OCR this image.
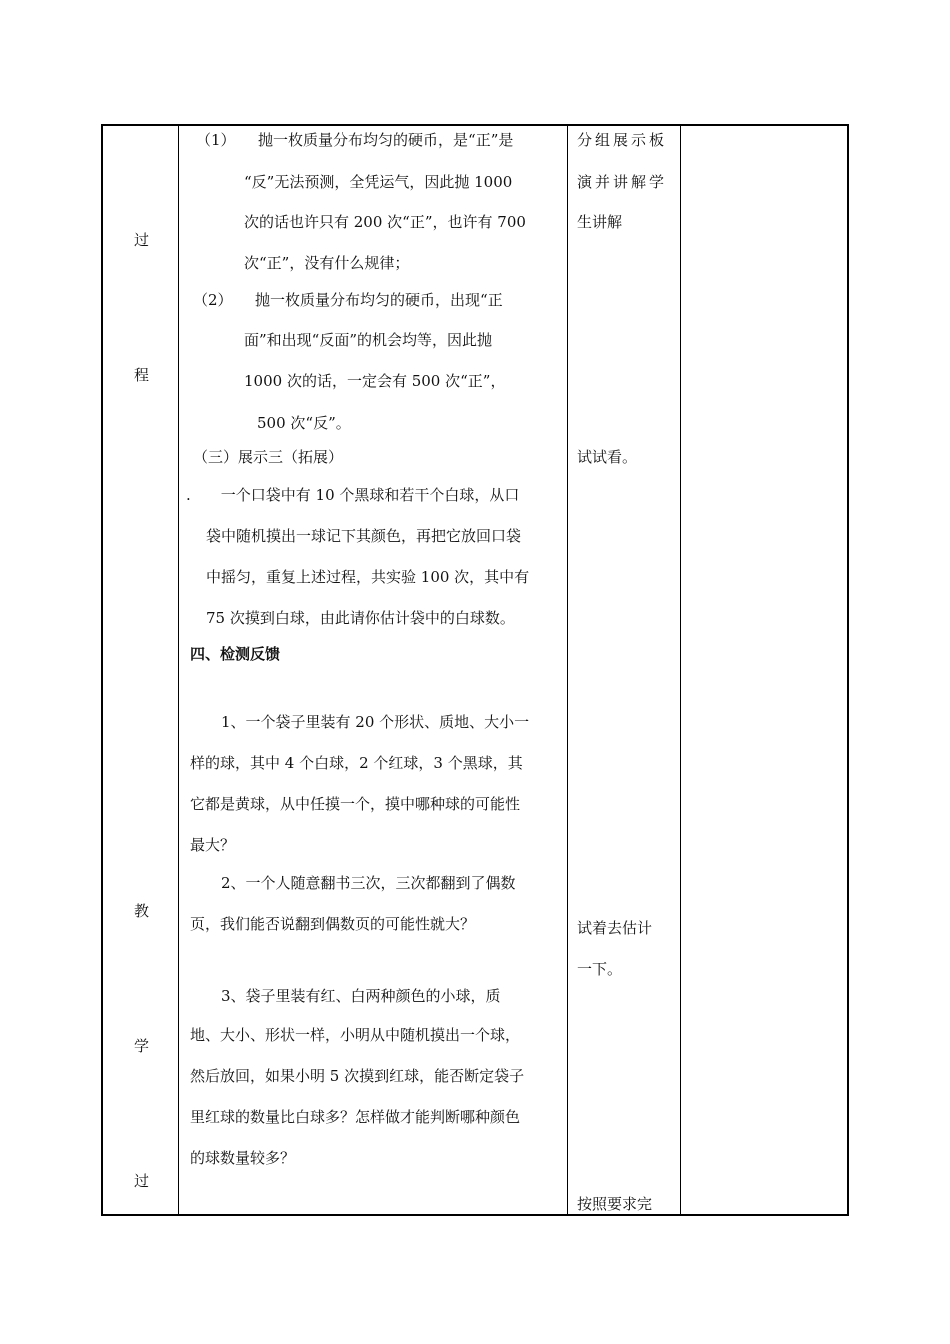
过
程
教
学
过
（1）　　抛一枚质量分布均匀的硬币，是“正”是
“反”无法预测，全凭运气，因此抛 1000
次的话也许只有 200 次“正”，也许有 700
次“正”，没有什么规律；
（2）　　抛一枚质量分布均匀的硬币，出现“正
面”和出现“反面”的机会均等，因此抛
1000 次的话，一定会有 500 次“正”，
500 次“反”。
（三）展示三（拓展）
.　　一个口袋中有 10 个黑球和若干个白球，从口
袋中随机摸出一球记下其颜色，再把它放回口袋
中摇匀，重复上述过程，共实验 100 次，其中有
75 次摸到白球，由此请你估计袋中的白球数。
四、检测反馈
1、一个袋子里装有 20 个形状、质地、大小一
样的球，其中 4 个白球，2 个红球，3 个黑球，其
它都是黄球，从中任摸一个，摸中哪种球的可能性
最大？
2、一个人随意翻书三次，三次都翻到了偶数
页，我们能否说翻到偶数页的可能性就大？
3、袋子里装有红、白两种颜色的小球，质
地、大小、形状一样，小明从中随机摸出一个球，
然后放回，如果小明 5 次摸到红球，能否断定袋子
里红球的数量比白球多？怎样做才能判断哪种颜色
的球数量较多？
分组展示板
演并讲解学
生讲解
试试看。
试着去估计
一下。
按照要求完
